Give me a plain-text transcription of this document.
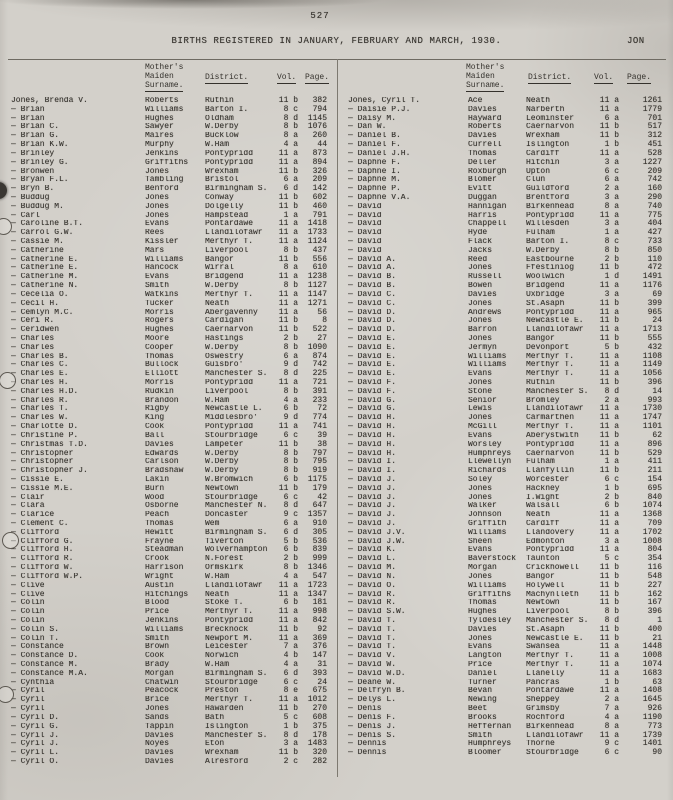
527
BIRTHS REGISTERED IN JANUARY, FEBRUARY AND MARCH, 1930.	JON
Mother's
Maiden
Surname.
District.	Vol. Page.
Mother's
Maiden
Surname.
District.	Vol. Page.
Jones, Brenda V.	Roberts	Ruthin	11 b	382
— Brian	Williams	Barton I.	8 c	794
— Brian	Hughes	Oldham	8 d	1145
— Brian C.	Sawyer	W.Derby	8 b	1076
— Brian G.	Maires	Bucklow	8 a	260
— Brian K.W.	Murphy	W.Ham	4 a	44
— Brinley	Jenkins	Pontypridd	11 a	873
— Brinley G.	Griffiths	Pontypridd	11 a	894
— Bronwen	Jones	Wrexham	11 b	326
— Bryan F.L.	Tambling	Bristol	6 a	209
— Bryn B.	Benford	Birmingham S.	6 d	142
— Buddug	Jones	Conway	11 b	602
— Buddug M.	Jones	Dolgelly	11 b	460
— Carl	Jones	Hampstead	1 a	791
— Caroline B.T.	Evans	Pontardawe	11 a	1418
— Carrol G.W.	Rees	Llandilofawr	11 a	1733
— Cassie M.	Kissler	Merthyr T.	11 a	1124
— Catherine	Mars	Liverpool	8 b	437
— Catherine E.	Williams	Bangor	11 b	556
— Catherine E.	Hancock	Wirral	8 a	610
— Catherine M.	Evans	Bridgend	11 a	1238
— Catherine N.	Smith	W.Derby	8 b	1127
— Cecelia O.	Watkins	Merthyr T.	11 a	1147
— Cecil H.	Tucker	Neath	11 a	1271
— Cemlyn M.C.	Morris	Abergavenny	11 a	56
— Ceri R.	Rogers	Cardigan	11 b	8
— Ceridwen	Hughes	Caernarvon	11 b	522
— Charles	Moore	Hastings	2 b	27
— Charles	Cooper	W.Derby	8 b	1090
— Charles B.	Thomas	Oswestry	6 a	874
— Charles C.	Bullock	Guisbro'	9 d	742
— Charles E.	Elliott	Manchester S.	8 d	225
— Charles H.	Morris	Pontypridd	11 a	721
— Charles H.D.	Rudkin	Liverpool	8 b	391
— Charles R.	Brandon	W.Ham	4 a	233
— Charles T.	Rigby	Newcastle L.	6 b	72
— Charles W.	King	Middlesbro'	9 d	774
— Charlotte D.	Cook	Pontypridd	11 a	741
— Christine P.	Ball	Stourbridge	6 c	39
— Christmas T.D.	Davies	Lampeter	11 b	38
— Christopher	Edwards	W.Derby	8 b	797
— Christopher	Carlson	W.Derby	8 b	795
— Christopher J.	Bradshaw	W.Derby	8 b	919
— Cissie E.	Lakin	W.Bromwich	6 b	1175
— Cissie M.E.	Burn	Newtown	11 b	179
— Clair	Wood	Stourbridge	6 c	42
— Clara	Osborne	Manchester N.	8 d	647
— Clarice	Peach	Doncaster	9 c	1357
— Clement C.	Thomas	Wem	6 a	910
— Clifford	Hewitt	Birmingham S.	6 d	305
— Clifford G.	Frayne	Tiverton	5 b	536
— Clifford H.	Steadman	Wolverhampton	6 b	839
— Clifford R.	Crook	N.Forest	2 b	999
— Clifford W.	Harrison	Ormskirk	8 b	1346
— Clifford W.P.	Wright	W.Ham	4 a	547
— Clive	Austin	Llandilofawr	11 a	1723
— Clive	Hitchings	Neath	11 a	1347
— Colin	Blood	Stoke T.	6 b	181
— Colin	Price	Merthyr T.	11 a	998
— Colin	Jenkins	Pontypridd	11 a	842
— Colin S.	Williams	Brecknock	11 b	92
— Colin T.	Smith	Newport M.	11 a	369
— Constance	Brown	Leicester	7 a	376
— Constance D.	Cook	Norwich	4 b	147
— Constance M.	Brady	W.Ham	4 a	31
— Constance M.A.	Morgan	Birmingham S.	6 d	393
— Cynthia	Chatwin	Stourbridge	6 c	24
— Cyril	Peacock	Preston	8 e	675
— Cyril	Brice	Merthyr T.	11 a	1012
— Cyril	Jones	Hawarden	11 b	270
— Cyril D.	Sands	Bath	5 c	608
— Cyril G.	Tappin	Islington	1 b	375
— Cyril J.	Davies	Manchester S.	8 d	178
— Cyril J.	Noyes	Eton	3 a	1483
— Cyril L.	Davies	Wrexham	11 b	320
— Cyril O.	Davies	Alresford	2 c	282
Jones, Cyril T.	Ace	Neath	11 a	1261
— Daisie P.J.	Davies	Narberth	11 a	1779
— Daisy M.	Hayward	Leominster	6 a	701
— Dan W.	Roberts	Caernarvon	11 b	517
— Daniel B.	Davies	Wrexham	11 b	312
— Daniel F.	Currell	Islington	1 b	451
— Daniel J.H.	Thomas	Cardiff	11 a	528
— Daphne F.	Deller	Hitchin	3 a	1227
— Daphne I.	Roxburgh	Upton	6 c	209
— Daphne M.	Blomer	Clun	6 a	742
— Daphne P.	Evitt	Guildford	2 a	160
— Daphne V.A.	Duggan	Brentford	3 a	290
— David	Hannigan	Birkenhead	8 a	740
— David	Harris	Pontypridd	11 a	775
— David	Chappell	Willesden	3 a	404
— David	Hyde	Fulham	1 a	427
— David	Flack	Barton I.	8 c	733
— David	Jacks	W.Derby	8 b	850
— David A.	Reed	Eastbourne	2 b	110
— David A.	Jones	Ffestiniog	11 b	472
— David B.	Russell	Woolwich	1 d	1491
— David B.	Bowen	Bridgend	11 a	1176
— David C.	Davies	Uxbridge	3 a	69
— David C.	Jones	St.Asaph	11 b	399
— David D.	Andrews	Pontypridd	11 a	965
— David D.	Jones	Newcastle E.	11 b	24
— David D.	Barron	Llandilofawr	11 a	1713
— David E.	Jones	Bangor	11 b	555
— David E.	Jermyn	Devonport	5 b	432
— David E.	Williams	Merthyr T.	11 a	1108
— David E.	Williams	Merthyr T.	11 a	1149
— David E.	Evans	Merthyr T.	11 a	1056
— David F.	Jones	Ruthin	11 b	396
— David F.	Stone	Manchester S.	8 d	14
— David G.	Senior	Bromley	2 a	993
— David G.	Lewis	Llandilofawr	11 a	1730
— David H.	Jones	Carmarthen	11 a	1747
— David H.	McGill	Merthyr T.	11 a	1101
— David H.	Evans	Aberystwith	11 b	62
— David H.	Worsley	Pontypridd	11 a	896
— David H.	Humphreys	Caernarvon	11 b	529
— David I.	Llewellyn	Fulham	1 a	411
— David I.	Richards	Llanfyllin	11 b	211
— David J.	Soley	Worcester	6 c	154
— David J.	Jones	Hackney	1 b	695
— David J.	Jones	I.Wight	2 b	840
— David J.	Walker	Walsall	6 b	1074
— David J.	Johnson	Neath	11 a	1368
— David J.	Griffith	Cardiff	11 a	709
— David J.V.	Williams	Llandovery	11 a	1702
— David J.W.	Sheen	Edmonton	3 a	1008
— David K.	Evans	Pontypridd	11 a	804
— David L.	Baverstock	Taunton	5 c	354
— David M.	Morgan	Crickhowell	11 b	116
— David N.	Jones	Bangor	11 b	548
— David O.	Williams	Holywell	11 b	227
— David R.	Griffiths	Machynlleth	11 b	162
— David R.	Thomas	Newtown	11 b	167
— David S.W.	Hughes	Liverpool	8 b	396
— David T.	Tyldesley	Manchester S.	8 d	1
— David T.	Davies	St.Asaph	11 b	400
— David T.	Jones	Newcastle E.	11 b	21
— David T.	Evans	Swansea	11 a	1448
— David V.	Langton	Merthyr T.	11 a	1008
— David W.	Price	Merthyr T.	11 a	1074
— David W.D.	Daniel	Llanelly	11 a	1683
— Deane W.	Turner	Pancras	1 b	63
— Delfryn B.	Bevan	Pontardawe	11 a	1408
— Delys L.	Newing	Sheppey	2 a	1645
— Denis	Beet	Grimsby	7 a	926
— Denis F.	Brooks	Rochford	4 a	1190
— Denis J.	Heffernan	Birkenhead	8 a	773
— Denis S.	Smith	Llandilofawr	11 a	1739
— Dennis	Humphreys	Thorne	9 c	1401
— Dennis	Bloomer	Stourbridge	6 c	90
